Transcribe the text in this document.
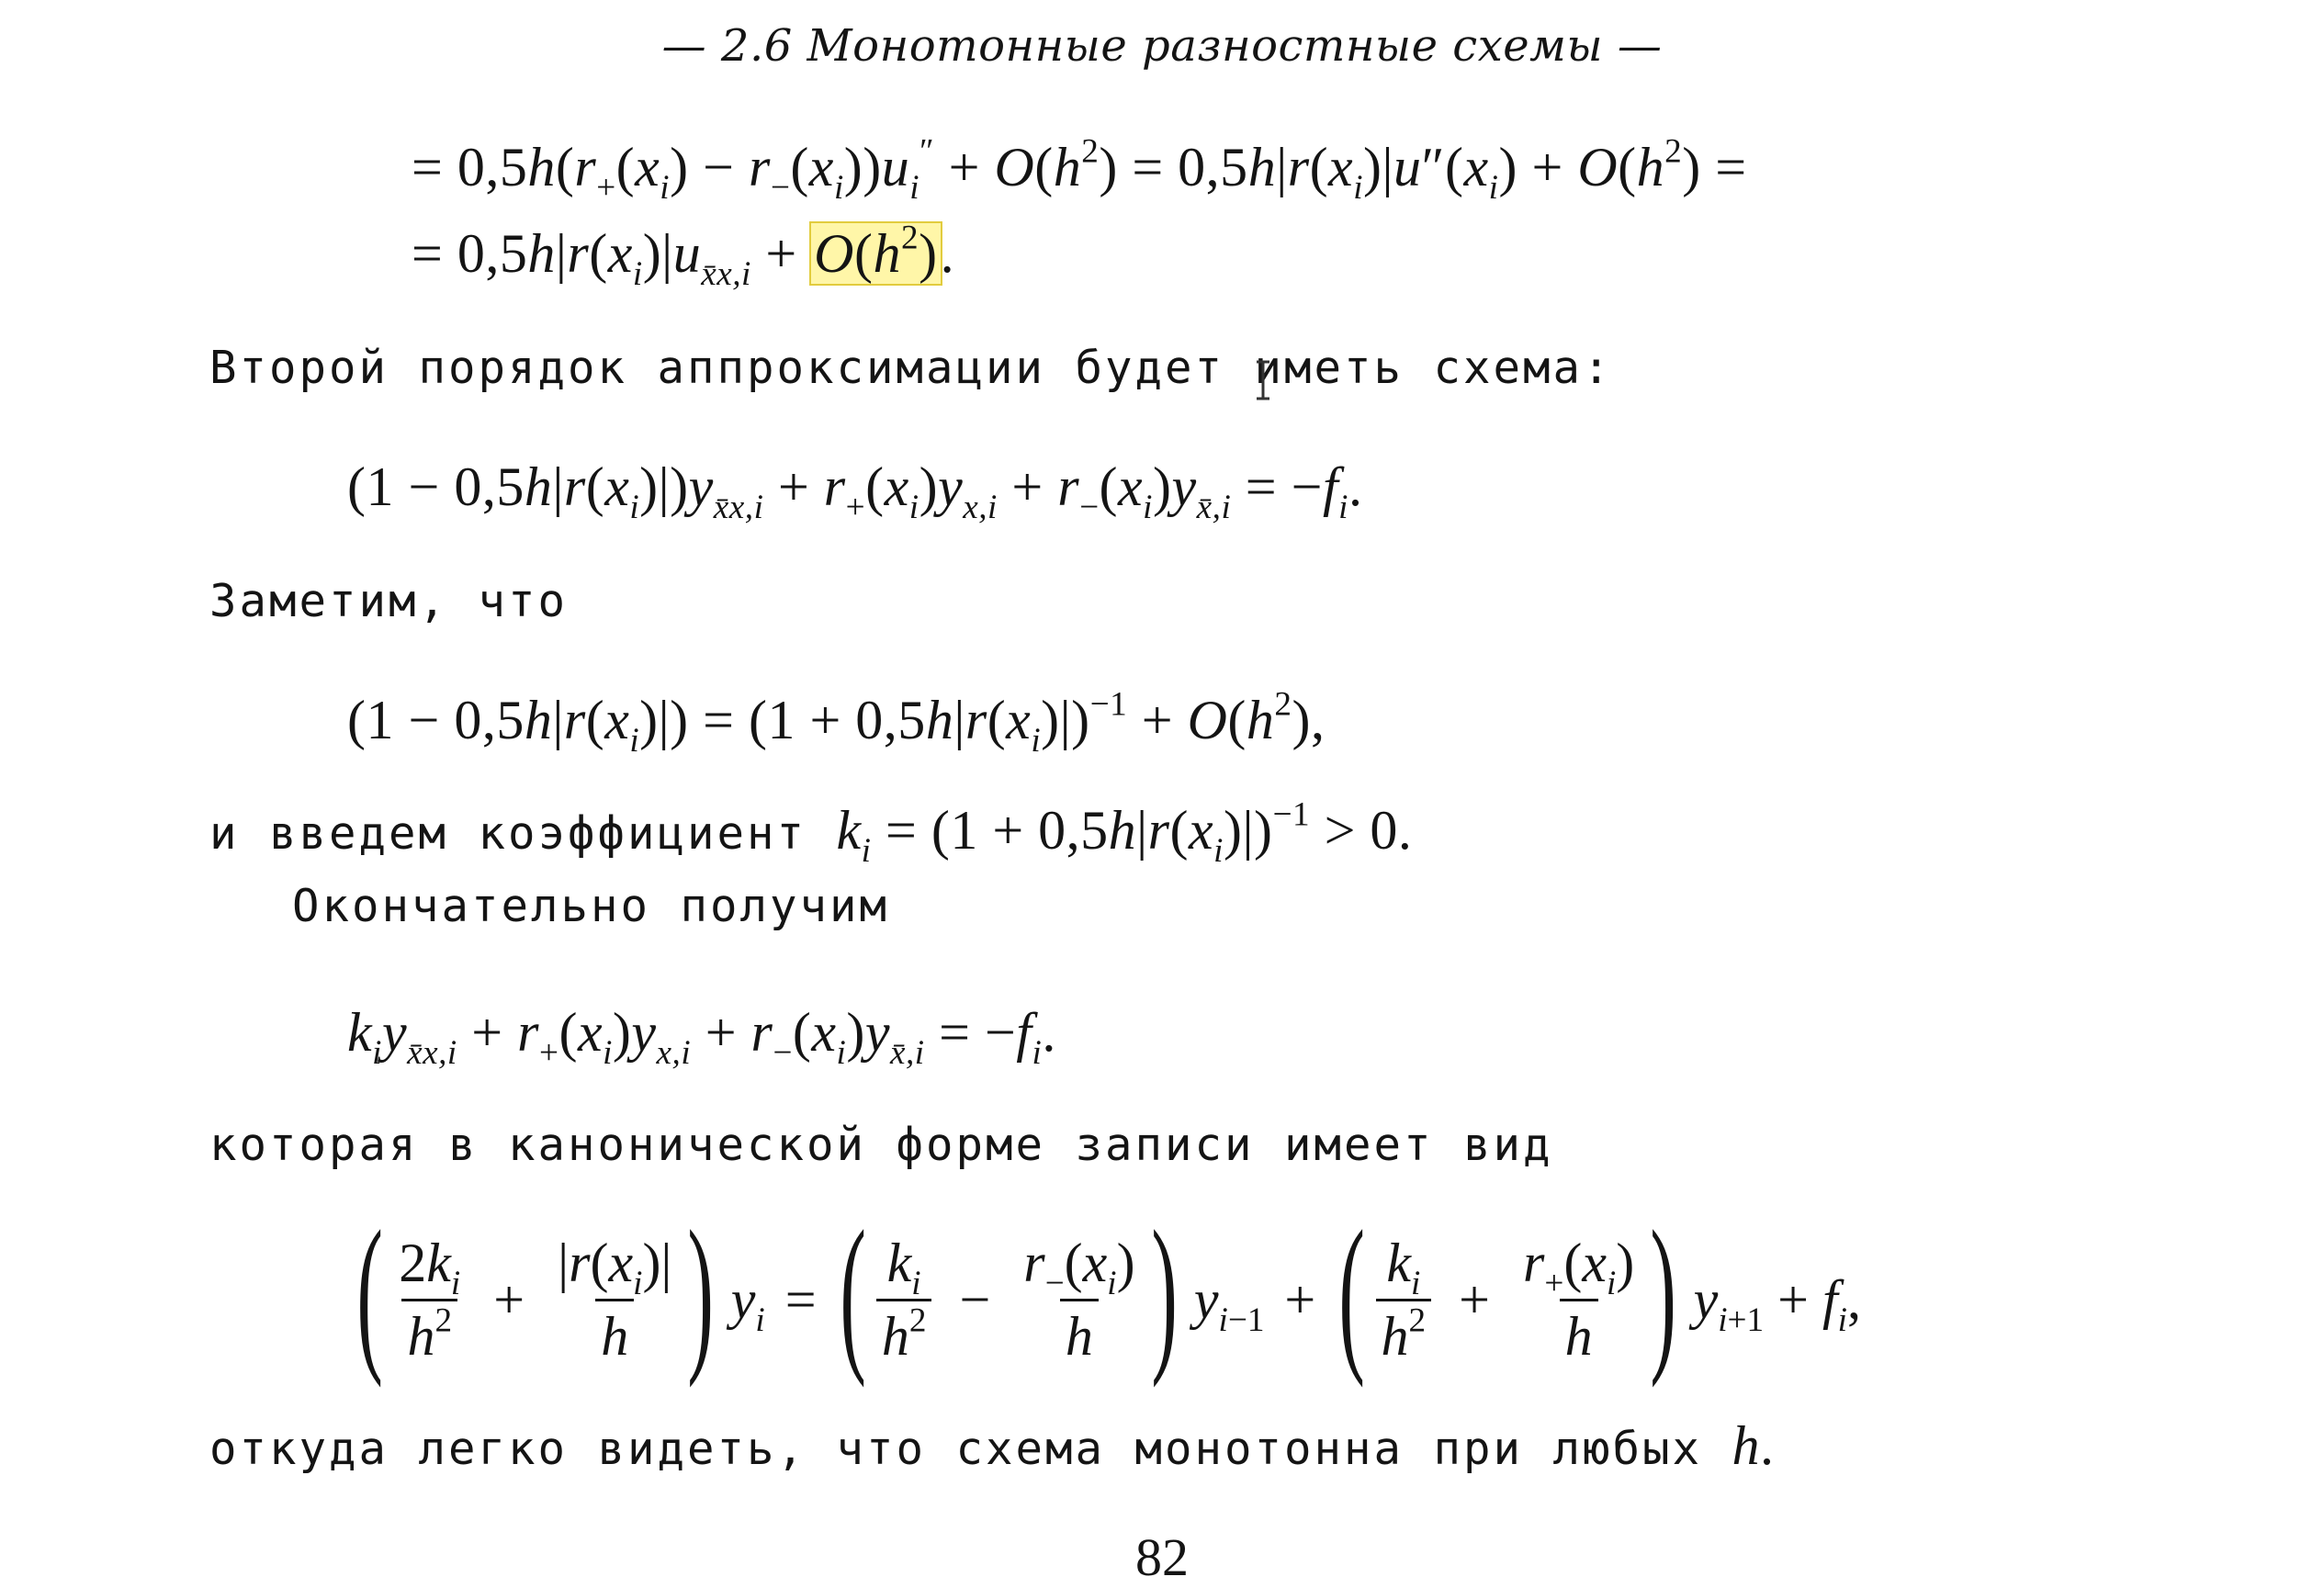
— 2.6 Монотонные разностные схемы —
= $0,5h(r_+(x_i) - r_-(x_i))u_i'' + O(h^2) = 0,5h|r(x_i)|u''(x_i) + O(h^2)$ =
= $0,5h|r(x_i)|u_{x̄x,i} + O(h^2)$.
Второй порядок аппроксимации будет иметь схема:
$(1 - 0,5h|r(x_i)|)y_{x̄x,i} + r_+(x_i)y_{x,i} + r_-(x_i)y_{x̄,i} = -f_i$.
Заметим, что
$(1 - 0,5h|r(x_i)|) = (1 + 0,5h|r(x_i)|)^{-1} + O(h^2)$,
и введем коэффициент $k_i = (1 + 0,5h|r(x_i)|)^{-1} > 0$.
Окончательно получим
$k_iy_{x̄x,i} + r_+(x_i)y_{x,i} + r_-(x_i)y_{x̄,i} = -f_i$.
которая в канонической форме записи имеет вид
( $\frac{2k_i}{h^2} + \frac{|r(x_i)|}{h}$ ) $y_i$ = ( $\frac{k_i}{h^2} - \frac{r_-(x_i)}{h}$ ) $y_{i-1}$ + ( $\frac{k_i}{h^2} + \frac{r_+(x_i)}{h}$ ) $y_{i+1} + f_i$,
откуда легко видеть, что схема монотонна при любых h.
82
